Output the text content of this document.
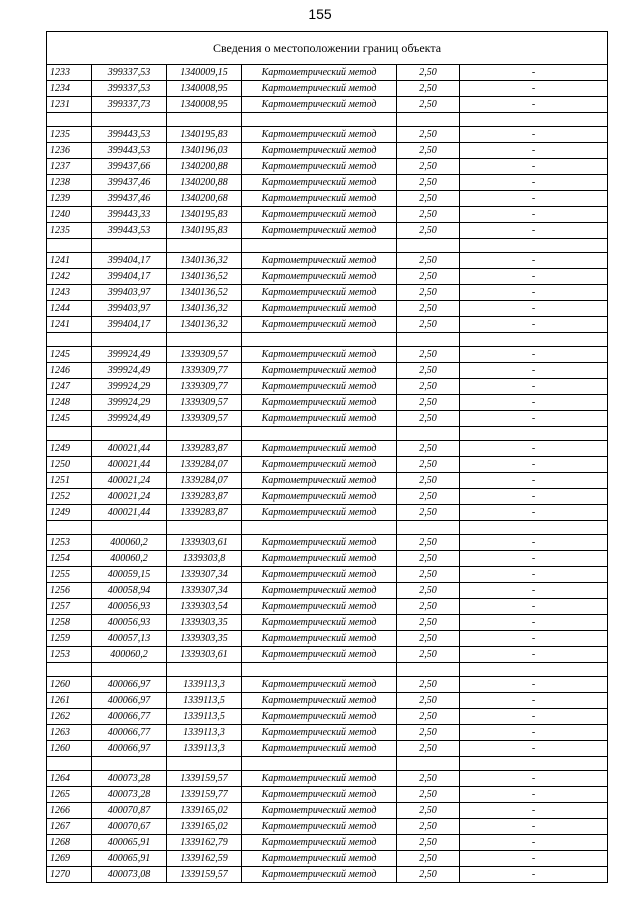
155
Сведения о местоположении границ объекта
1233	399337,53	1340009,15	Картометрический метод	2,50	-
1234	399337,53	1340008,95	Картометрический метод	2,50	-
1231	399337,73	1340008,95	Картометрический метод	2,50	-

1235	399443,53	1340195,83	Картометрический метод	2,50	-
1236	399443,53	1340196,03	Картометрический метод	2,50	-
1237	399437,66	1340200,88	Картометрический метод	2,50	-
1238	399437,46	1340200,88	Картометрический метод	2,50	-
1239	399437,46	1340200,68	Картометрический метод	2,50	-
1240	399443,33	1340195,83	Картометрический метод	2,50	-
1235	399443,53	1340195,83	Картометрический метод	2,50	-

1241	399404,17	1340136,32	Картометрический метод	2,50	-
1242	399404,17	1340136,52	Картометрический метод	2,50	-
1243	399403,97	1340136,52	Картометрический метод	2,50	-
1244	399403,97	1340136,32	Картометрический метод	2,50	-
1241	399404,17	1340136,32	Картометрический метод	2,50	-

1245	399924,49	1339309,57	Картометрический метод	2,50	-
1246	399924,49	1339309,77	Картометрический метод	2,50	-
1247	399924,29	1339309,77	Картометрический метод	2,50	-
1248	399924,29	1339309,57	Картометрический метод	2,50	-
1245	399924,49	1339309,57	Картометрический метод	2,50	-

1249	400021,44	1339283,87	Картометрический метод	2,50	-
1250	400021,44	1339284,07	Картометрический метод	2,50	-
1251	400021,24	1339284,07	Картометрический метод	2,50	-
1252	400021,24	1339283,87	Картометрический метод	2,50	-
1249	400021,44	1339283,87	Картометрический метод	2,50	-

1253	400060,2	1339303,61	Картометрический метод	2,50	-
1254	400060,2	1339303,8	Картометрический метод	2,50	-
1255	400059,15	1339307,34	Картометрический метод	2,50	-
1256	400058,94	1339307,34	Картометрический метод	2,50	-
1257	400056,93	1339303,54	Картометрический метод	2,50	-
1258	400056,93	1339303,35	Картометрический метод	2,50	-
1259	400057,13	1339303,35	Картометрический метод	2,50	-
1253	400060,2	1339303,61	Картометрический метод	2,50	-

1260	400066,97	1339113,3	Картометрический метод	2,50	-
1261	400066,97	1339113,5	Картометрический метод	2,50	-
1262	400066,77	1339113,5	Картометрический метод	2,50	-
1263	400066,77	1339113,3	Картометрический метод	2,50	-
1260	400066,97	1339113,3	Картометрический метод	2,50	-

1264	400073,28	1339159,57	Картометрический метод	2,50	-
1265	400073,28	1339159,77	Картометрический метод	2,50	-
1266	400070,87	1339165,02	Картометрический метод	2,50	-
1267	400070,67	1339165,02	Картометрический метод	2,50	-
1268	400065,91	1339162,79	Картометрический метод	2,50	-
1269	400065,91	1339162,59	Картометрический метод	2,50	-
1270	400073,08	1339159,57	Картометрический метод	2,50	-
